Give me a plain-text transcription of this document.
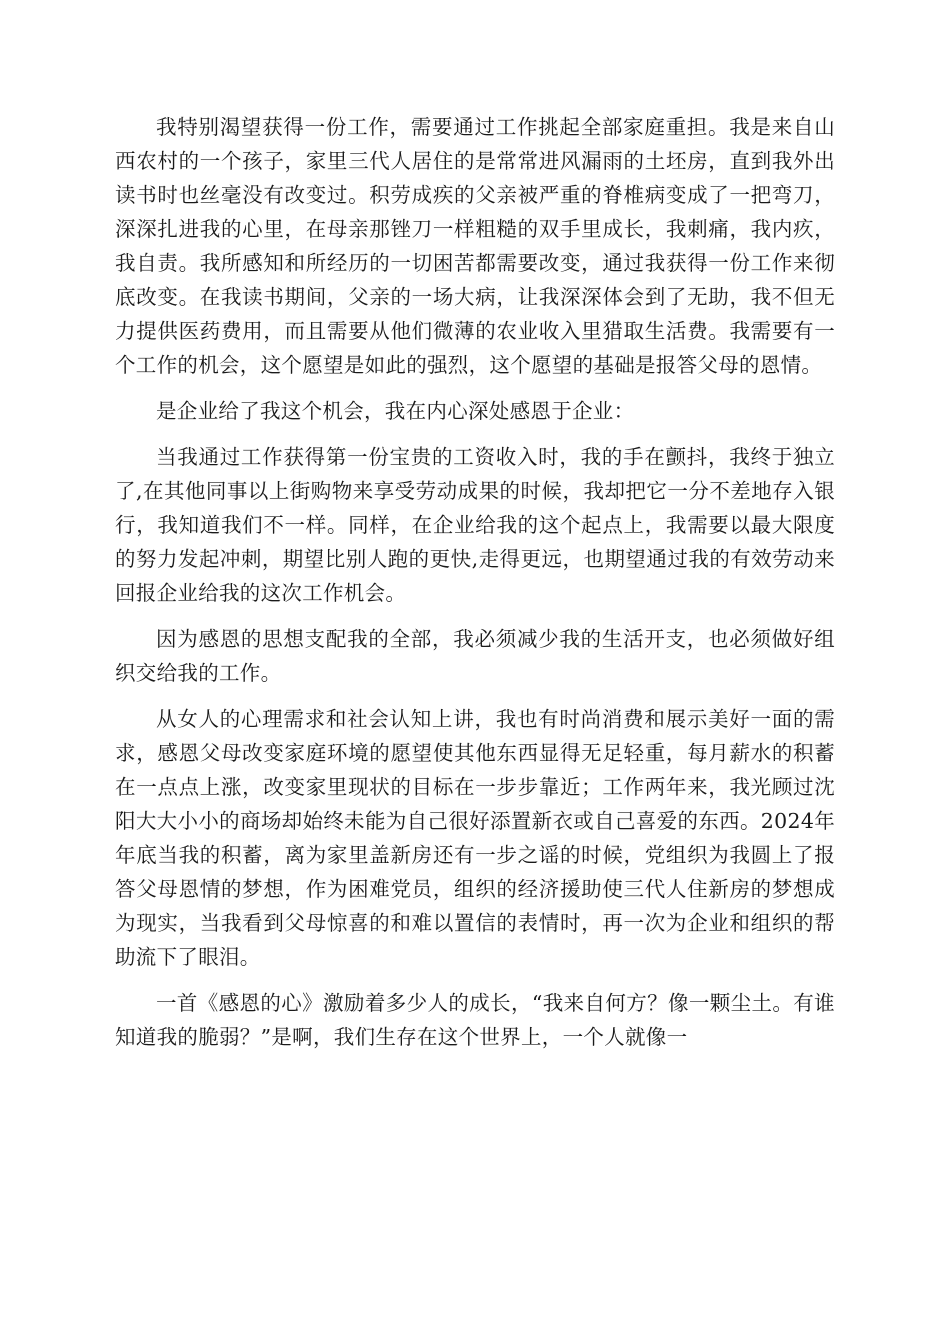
我特别渴望获得一份工作，需要通过工作挑起全部家庭重担。我是来自山西农村的一个孩子，家里三代人居住的是常常进风漏雨的土坯房，直到我外出读书时也丝毫没有改变过。积劳成疾的父亲被严重的脊椎病变成了一把弯刀，深深扎进我的心里，在母亲那锉刀一样粗糙的双手里成长，我刺痛，我内疚，我自责。我所感知和所经历的一切困苦都需要改变，通过我获得一份工作来彻底改变。在我读书期间，父亲的一场大病，让我深深体会到了无助，我不但无力提供医药费用，而且需要从他们微薄的农业收入里猎取生活费。我需要有一个工作的机会，这个愿望是如此的强烈，这个愿望的基础是报答父母的恩情。

是企业给了我这个机会，我在内心深处感恩于企业：

当我通过工作获得第一份宝贵的工资收入时，我的手在颤抖，我终于独立了,在其他同事以上街购物来享受劳动成果的时候，我却把它一分不差地存入银行，我知道我们不一样。同样，在企业给我的这个起点上，我需要以最大限度的努力发起冲刺，期望比别人跑的更快,走得更远，也期望通过我的有效劳动来回报企业给我的这次工作机会。

因为感恩的思想支配我的全部，我必须减少我的生活开支，也必须做好组织交给我的工作。

从女人的心理需求和社会认知上讲，我也有时尚消费和展示美好一面的需求，感恩父母改变家庭环境的愿望使其他东西显得无足轻重，每月薪水的积蓄在一点点上涨，改变家里现状的目标在一步步靠近；工作两年来，我光顾过沈阳大大小小的商场却始终未能为自己很好添置新衣或自己喜爱的东西。2024年年底当我的积蓄，离为家里盖新房还有一步之谣的时候，党组织为我圆上了报答父母恩情的梦想，作为困难党员，组织的经济援助使三代人住新房的梦想成为现实，当我看到父母惊喜的和难以置信的表情时，再一次为企业和组织的帮助流下了眼泪。

一首《感恩的心》激励着多少人的成长，“我来自何方？像一颗尘土。有谁知道我的脆弱？”是啊，我们生存在这个世界上，一个人就像一
